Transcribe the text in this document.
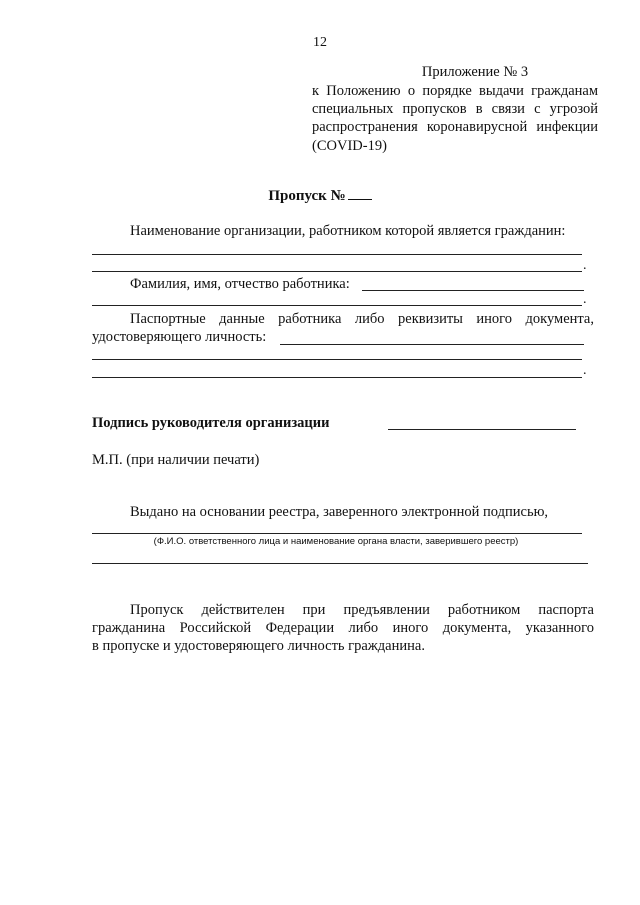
12
Приложение № 3
к Положению о порядке выдачи гражданам специальных пропусков в связи с угрозой распространения коронавирусной инфекции (COVID-19)
Пропуск №
Наименование организации, работником которой является гражданин:
.
Фамилия, имя, отчество работника:
.
Паспортные данные работника либо реквизиты иного документа,
удостоверяющего личность:
.
Подпись руководителя организации
М.П. (при наличии печати)
Выдано на основании реестра, заверенного электронной подписью,
(Ф.И.О. ответственного лица и наименование органа власти, заверившего реестр)
Пропуск действителен при предъявлении работником паспорта
гражданина Российской Федерации либо иного документа, указанного
в пропуске и удостоверяющего личность гражданина.
